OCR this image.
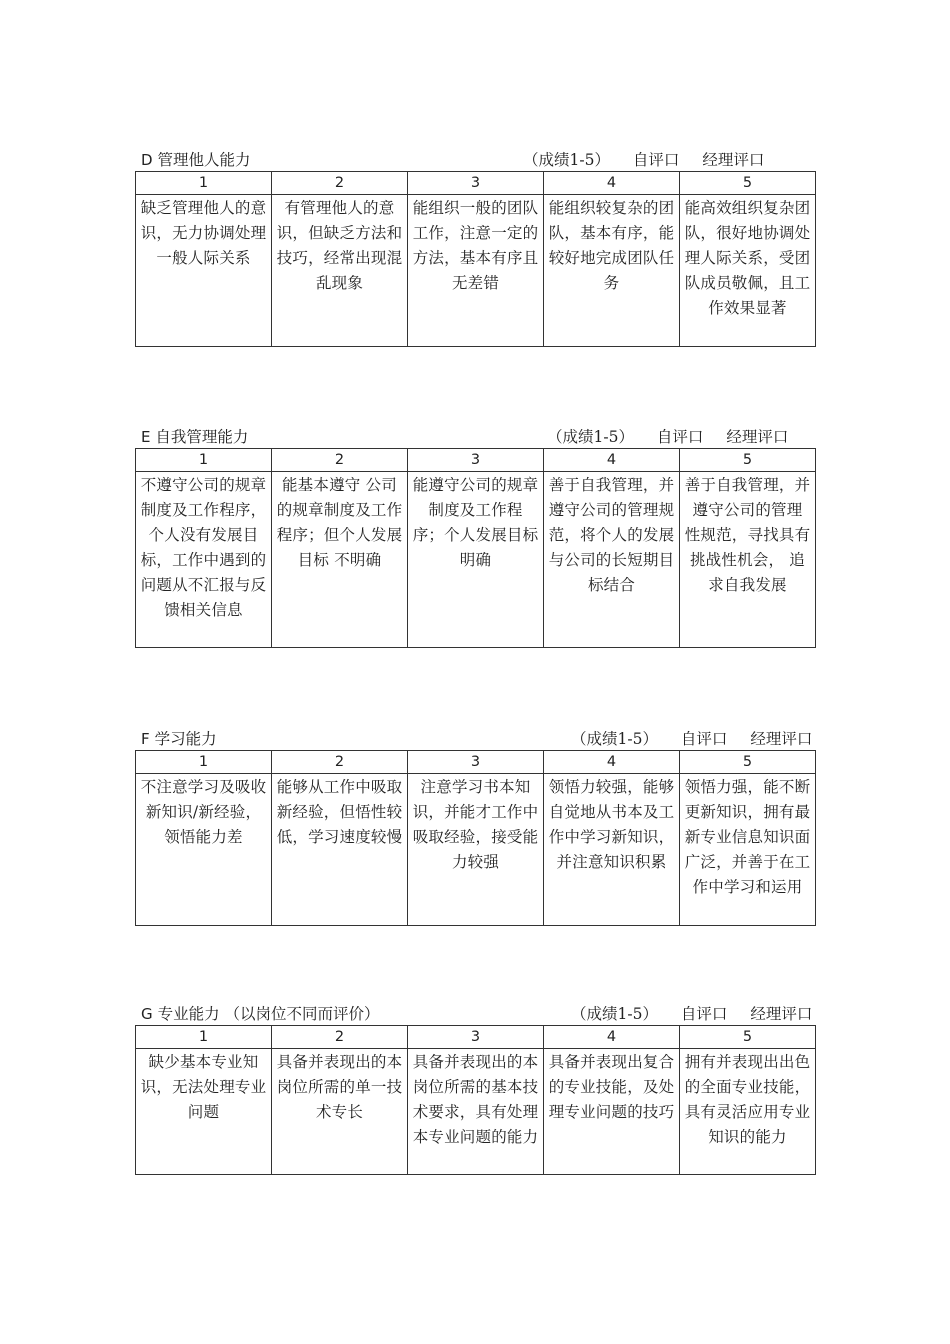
D 管理他人能力	（成绩1-5） 自评口 经理评口
1	2	3	4	5
缺乏管理他人的意识，无力协调处理一般人际关系	有管理他人的意识，但缺乏方法和技巧，经常出现混乱现象	能组织一般的团队工作，注意一定的方法，基本有序且无差错	能组织较复杂的团队，基本有序，能较好地完成团队任务	能高效组织复杂团队，很好地协调处理人际关系，受团队成员敬佩，且工作效果显著
E 自我管理能力	（成绩1-5） 自评口 经理评口
1	2	3	4	5
不遵守公司的规章 制度及工作程序，个人没有发展目 标，工作中遇到的 问题从不汇报与反馈相关信息	能基本遵守 公司的规章制度及工作程序；但个人发展目标 不明确	能遵守公司的规章制度及工作程 序；个人发展目标 明确	善于自我管理，并 遵守公司的管理规 范，将个人的发展 与公司的长短期目标结合	善于自我管理，并 遵守公司的管理 性规范，寻找具有 挑战性机会， 追求自我发展
F 学习能力	（成绩1-5） 自评口 经理评口
1	2	3	4	5
不注意学习及吸收新知识/新经验，领悟能力差	能够从工作中吸取新经验，但悟性较低，学习速度较慢	注意学习书本知识，并能才工作中吸取经验，接受能力较强	领悟力较强，能够自觉地从书本及工作中学习新知识，并注意知识积累	领悟力强，能不断更新知识，拥有最新专业信息知识面广泛，并善于在工作中学习和运用
G 专业能力 （以岗位不同而评价）	（成绩1-5） 自评口 经理评口
1	2	3	4	5
缺少基本专业知识，无法处理专业问题	具备并表现出的本岗位所需的单一技术专长	具备并表现出的本岗位所需的基本技术要求，具有处理本专业问题的能力	具备并表现出复合的专业技能，及处理专业问题的技巧	拥有并表现出出色的全面专业技能，具有灵活应用专业知识的能力
